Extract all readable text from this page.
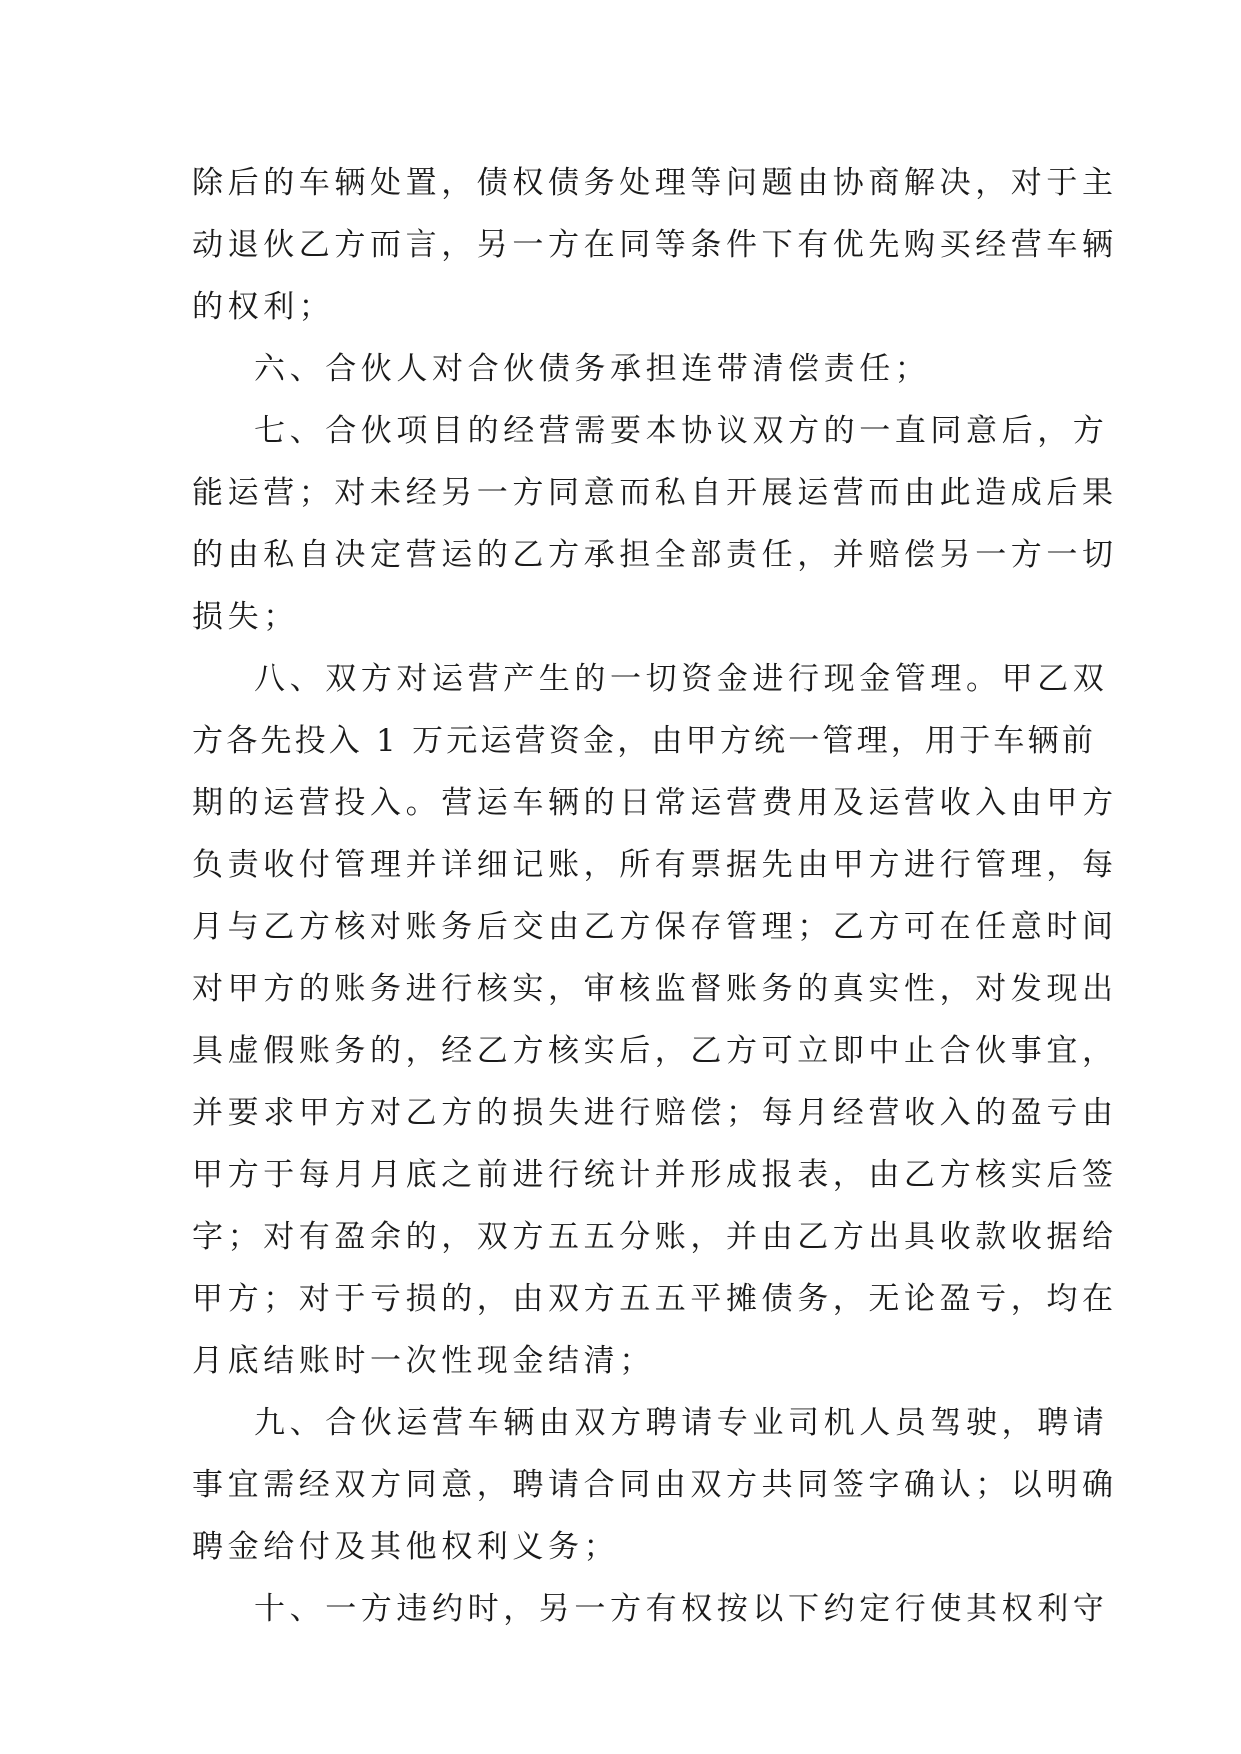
除后的车辆处置，债权债务处理等问题由协商解决，对于主
动退伙乙方而言，另一方在同等条件下有优先购买经营车辆
的权利；
六、合伙人对合伙债务承担连带清偿责任；
七、合伙项目的经营需要本协议双方的一直同意后，方
能运营；对未经另一方同意而私自开展运营而由此造成后果
的由私自决定营运的乙方承担全部责任，并赔偿另一方一切
损失；
八、双方对运营产生的一切资金进行现金管理。甲乙双
方各先投入 1 万元运营资金，由甲方统一管理，用于车辆前
期的运营投入。营运车辆的日常运营费用及运营收入由甲方
负责收付管理并详细记账，所有票据先由甲方进行管理，每
月与乙方核对账务后交由乙方保存管理；乙方可在任意时间
对甲方的账务进行核实，审核监督账务的真实性，对发现出
具虚假账务的，经乙方核实后，乙方可立即中止合伙事宜，
并要求甲方对乙方的损失进行赔偿；每月经营收入的盈亏由
甲方于每月月底之前进行统计并形成报表，由乙方核实后签
字；对有盈余的，双方五五分账，并由乙方出具收款收据给
甲方；对于亏损的，由双方五五平摊债务，无论盈亏，均在
月底结账时一次性现金结清；
九、合伙运营车辆由双方聘请专业司机人员驾驶，聘请
事宜需经双方同意，聘请合同由双方共同签字确认；以明确
聘金给付及其他权利义务；
十、一方违约时，另一方有权按以下约定行使其权利守
